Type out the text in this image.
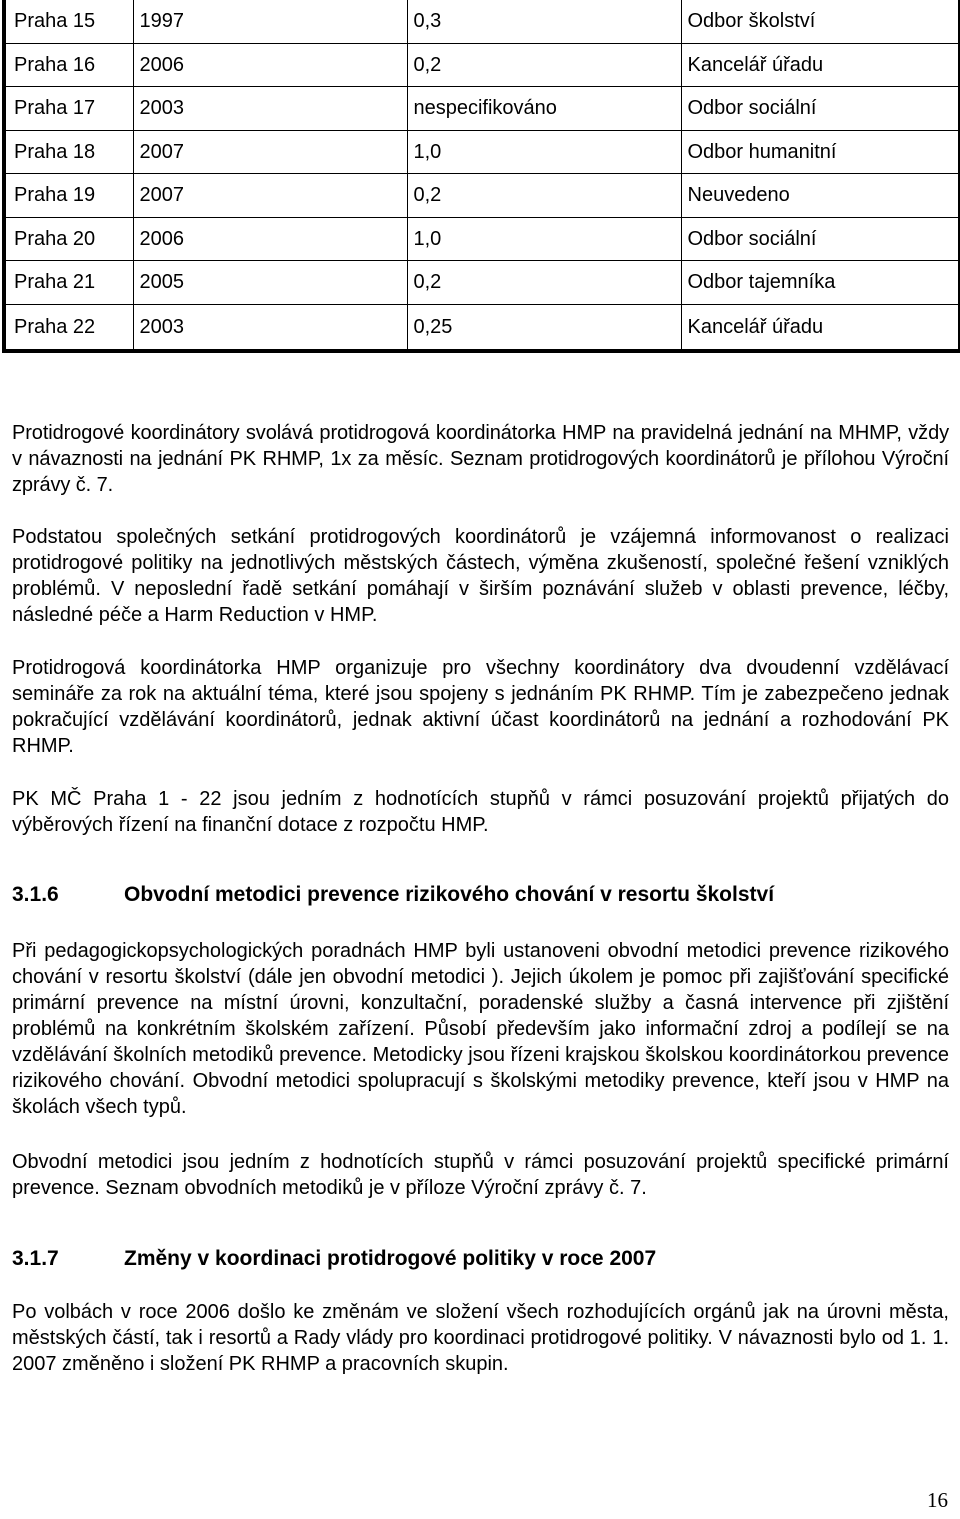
Praha 15	1997	0,3	Odbor školství
Praha 16	2006	0,2	Kancelář úřadu
Praha 17	2003	nespecifikováno	Odbor sociální
Praha 18	2007	1,0	Odbor humanitní
Praha 19	2007	0,2	Neuvedeno
Praha 20	2006	1,0	Odbor sociální
Praha 21	2005	0,2	Odbor tajemníka
Praha 22	2003	0,25	Kancelář úřadu

Protidrogové koordinátory svolává protidrogová koordinátorka HMP na pravidelná jednání na MHMP, vždy v návaznosti na jednání PK RHMP, 1x za měsíc. Seznam protidrogových koordinátorů je přílohou Výroční zprávy č. 7.

Podstatou společných setkání protidrogových koordinátorů je vzájemná informovanost o realizaci protidrogové politiky na jednotlivých městských částech, výměna zkušeností, společné řešení vzniklých problémů. V neposlední řadě setkání pomáhají v širším poznávání služeb v oblasti prevence, léčby, následné péče a Harm Reduction v HMP.

Protidrogová koordinátorka HMP organizuje pro všechny koordinátory dva dvoudenní vzdělávací semináře za rok na aktuální téma, které jsou spojeny s jednáním PK RHMP. Tím je zabezpečeno jednak pokračující vzdělávání koordinátorů, jednak aktivní účast koordinátorů na jednání a rozhodování PK RHMP.

PK MČ Praha 1 - 22 jsou jedním z hodnotících stupňů v rámci posuzování projektů přijatých do výběrových řízení na finanční dotace z rozpočtu HMP.

3.1.6	Obvodní metodici prevence rizikového chování v resortu školství

Při pedagogickopsychologických poradnách HMP byli ustanoveni obvodní metodici prevence rizikového chování v resortu školství (dále jen obvodní metodici ). Jejich úkolem je pomoc při zajišťování specifické primární prevence na místní úrovni, konzultační, poradenské služby a časná intervence při zjištění problémů na konkrétním školském zařízení. Působí především jako informační zdroj a podílejí se na vzdělávání školních metodiků prevence. Metodicky jsou řízeni krajskou školskou koordinátorkou prevence rizikového chování. Obvodní metodici spolupracují s školskými metodiky prevence, kteří jsou v HMP na školách všech typů.

Obvodní metodici jsou jedním z hodnotících stupňů v rámci posuzování projektů specifické primární prevence. Seznam obvodních metodiků je v příloze Výroční zprávy č. 7.

3.1.7	Změny v koordinaci protidrogové politiky v roce 2007

Po volbách v roce 2006 došlo ke změnám ve složení všech rozhodujících orgánů jak na úrovni města, městských částí, tak i resortů a Rady vlády pro koordinaci protidrogové politiky. V návaznosti bylo od 1. 1. 2007 změněno i složení PK RHMP a pracovních skupin.

16
